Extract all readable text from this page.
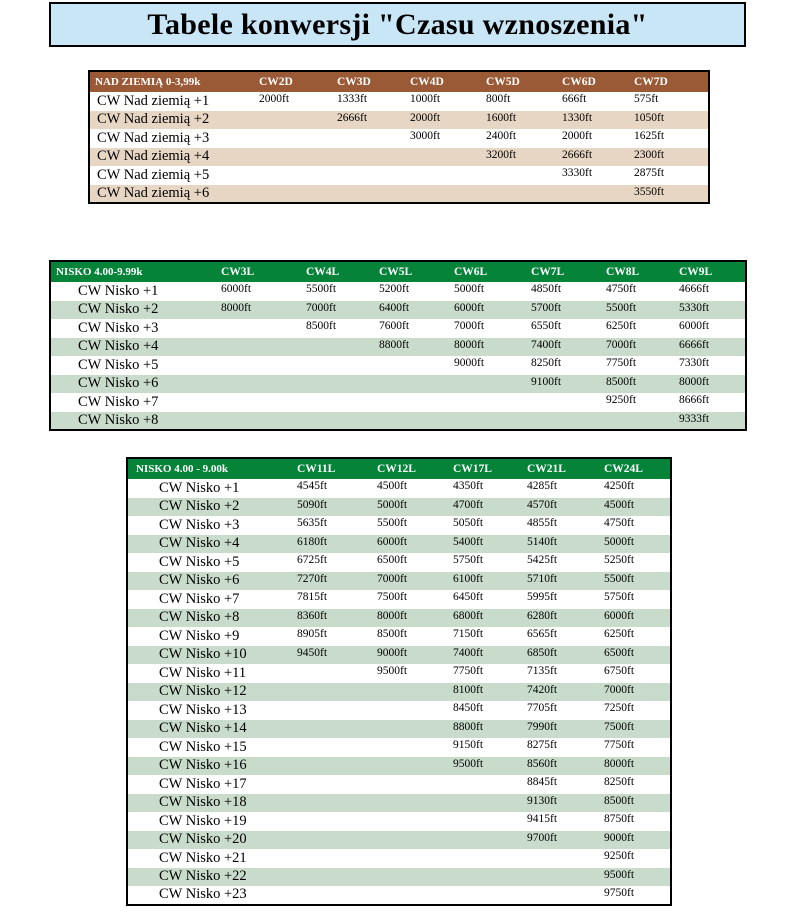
Tabele konwersji "Czasu wznoszenia"
NAD ZIEMIĄ 0-3,99k	CW2D	CW3D	CW4D	CW5D	CW6D	CW7D
CW Nad ziemią +1	2000ft	1333ft	1000ft	800ft	666ft	575ft
CW Nad ziemią +2		2666ft	2000ft	1600ft	1330ft	1050ft
CW Nad ziemią +3			3000ft	2400ft	2000ft	1625ft
CW Nad ziemią +4				3200ft	2666ft	2300ft
CW Nad ziemią +5					3330ft	2875ft
CW Nad ziemią +6						3550ft
NISKO 4.00-9.99k	CW3L	CW4L	CW5L	CW6L	CW7L	CW8L	CW9L
CW Nisko +1	6000ft	5500ft	5200ft	5000ft	4850ft	4750ft	4666ft
CW Nisko +2	8000ft	7000ft	6400ft	6000ft	5700ft	5500ft	5330ft
CW Nisko +3		8500ft	7600ft	7000ft	6550ft	6250ft	6000ft
CW Nisko +4			8800ft	8000ft	7400ft	7000ft	6666ft
CW Nisko +5				9000ft	8250ft	7750ft	7330ft
CW Nisko +6					9100ft	8500ft	8000ft
CW Nisko +7						9250ft	8666ft
CW Nisko +8							9333ft
NISKO 4.00 - 9.00k	CW11L	CW12L	CW17L	CW21L	CW24L
CW Nisko +1	4545ft	4500ft	4350ft	4285ft	4250ft
CW Nisko +2	5090ft	5000ft	4700ft	4570ft	4500ft
CW Nisko +3	5635ft	5500ft	5050ft	4855ft	4750ft
CW Nisko +4	6180ft	6000ft	5400ft	5140ft	5000ft
CW Nisko +5	6725ft	6500ft	5750ft	5425ft	5250ft
CW Nisko +6	7270ft	7000ft	6100ft	5710ft	5500ft
CW Nisko +7	7815ft	7500ft	6450ft	5995ft	5750ft
CW Nisko +8	8360ft	8000ft	6800ft	6280ft	6000ft
CW Nisko +9	8905ft	8500ft	7150ft	6565ft	6250ft
CW Nisko +10	9450ft	9000ft	7400ft	6850ft	6500ft
CW Nisko +11		9500ft	7750ft	7135ft	6750ft
CW Nisko +12			8100ft	7420ft	7000ft
CW Nisko +13			8450ft	7705ft	7250ft
CW Nisko +14			8800ft	7990ft	7500ft
CW Nisko +15			9150ft	8275ft	7750ft
CW Nisko +16			9500ft	8560ft	8000ft
CW Nisko +17				8845ft	8250ft
CW Nisko +18				9130ft	8500ft
CW Nisko +19				9415ft	8750ft
CW Nisko +20				9700ft	9000ft
CW Nisko +21					9250ft
CW Nisko +22					9500ft
CW Nisko +23					9750ft
